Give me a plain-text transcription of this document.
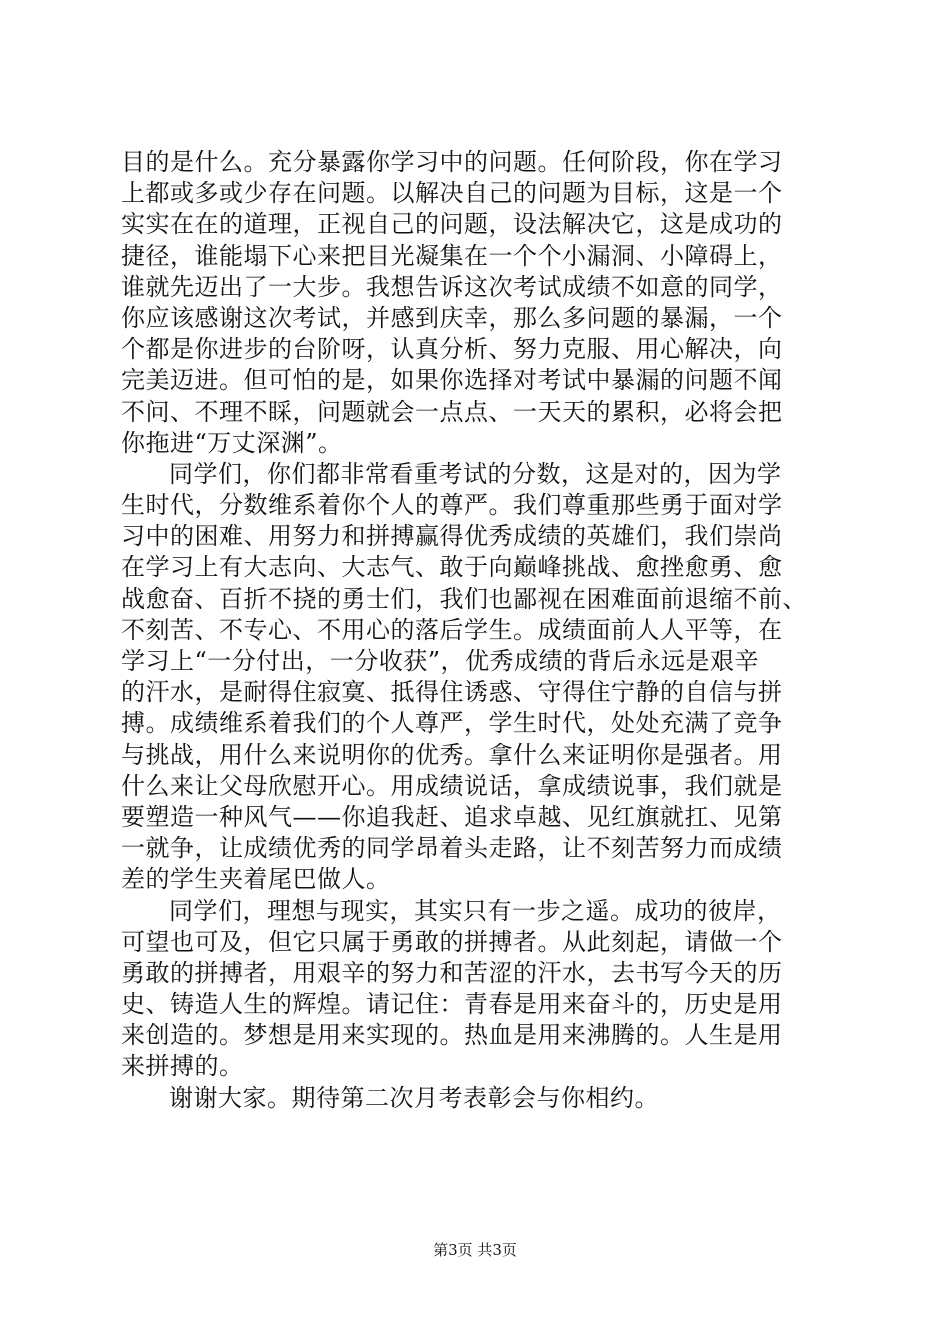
目的是什么。充分暴露你学习中的问题。任何阶段，你在学习
上都或多或少存在问题。以解决自己的问题为目标，这是一个
实实在在的道理，正视自己的问题，设法解决它，这是成功的
捷径，谁能塌下心来把目光凝集在一个个小漏洞、小障碍上，
谁就先迈出了一大步。我想告诉这次考试成绩不如意的同学，
你应该感谢这次考试，并感到庆幸，那么多问题的暴漏，一个
个都是你进步的台阶呀，认真分析、努力克服、用心解决，向
完美迈进。但可怕的是，如果你选择对考试中暴漏的问题不闻
不问、不理不睬，问题就会一点点、一天天的累积，必将会把
你拖进“万丈深渊”。
同学们，你们都非常看重考试的分数，这是对的，因为学
生时代，分数维系着你个人的尊严。我们尊重那些勇于面对学
习中的困难、用努力和拼搏赢得优秀成绩的英雄们，我们崇尚
在学习上有大志向、大志气、敢于向巅峰挑战、愈挫愈勇、愈
战愈奋、百折不挠的勇士们，我们也鄙视在困难面前退缩不前、
不刻苦、不专心、不用心的落后学生。成绩面前人人平等，在
学习上“一分付出，一分收获”，优秀成绩的背后永远是艰辛
的汗水，是耐得住寂寞、抵得住诱惑、守得住宁静的自信与拼
搏。成绩维系着我们的个人尊严，学生时代，处处充满了竞争
与挑战，用什么来说明你的优秀。拿什么来证明你是强者。用
什么来让父母欣慰开心。用成绩说话，拿成绩说事，我们就是
要塑造一种风气——你追我赶、追求卓越、见红旗就扛、见第
一就争，让成绩优秀的同学昂着头走路，让不刻苦努力而成绩
差的学生夹着尾巴做人。
同学们，理想与现实，其实只有一步之遥。成功的彼岸，
可望也可及，但它只属于勇敢的拼搏者。从此刻起，请做一个
勇敢的拼搏者，用艰辛的努力和苦涩的汗水，去书写今天的历
史、铸造人生的辉煌。请记住：青春是用来奋斗的，历史是用
来创造的。梦想是用来实现的。热血是用来沸腾的。人生是用
来拼搏的。
谢谢大家。期待第二次月考表彰会与你相约。
第3页 共3页
